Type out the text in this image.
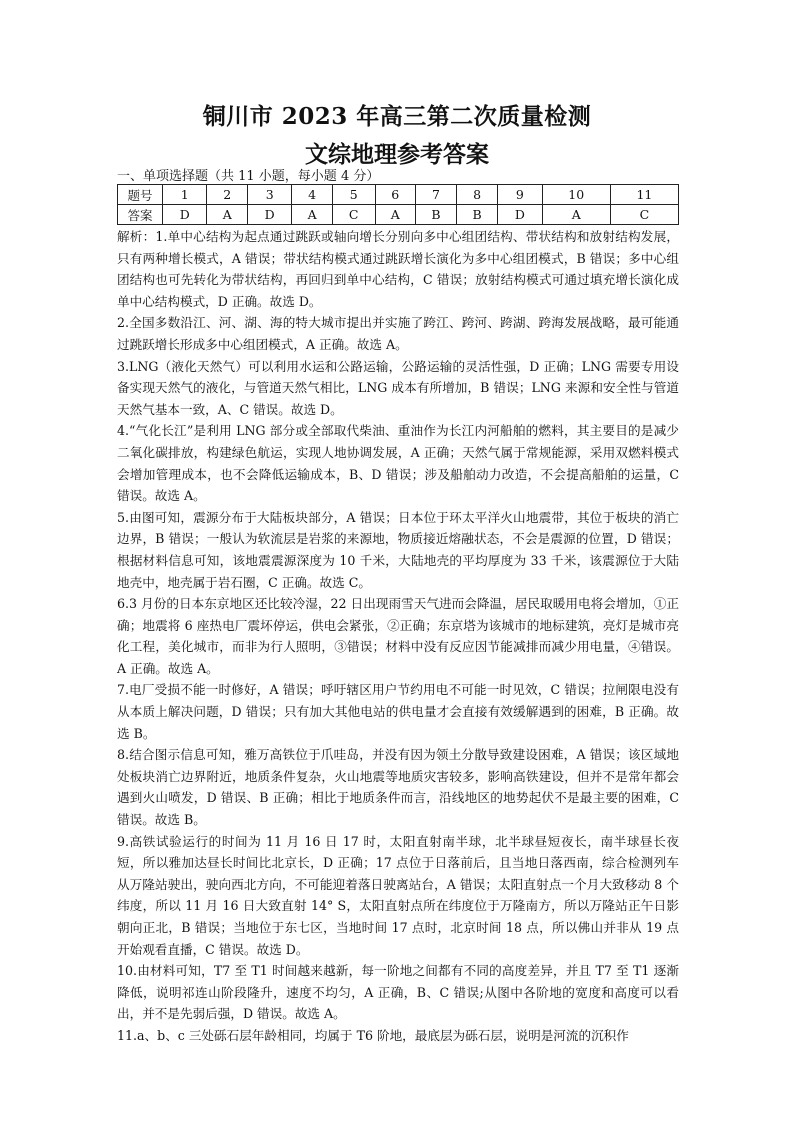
铜川市 2023 年高三第二次质量检测
文综地理参考答案
一、单项选择题（共 11 小题，每小题 4 分）
题号	1	2	3	4	5	6	7	8	9	10	11
答案	D	A	D	A	C	A	B	B	D	A	C

解析：1.单中心结构为起点通过跳跃或轴向增长分别向多中心组团结构、带状结构和放射结构发展，只有两种增长模式，A 错误；带状结构模式通过跳跃增长演化为多中心组团模式，B 错误；多中心组团结构也可先转化为带状结构，再回归到单中心结构，C 错误；放射结构模式可通过填充增长演化成单中心结构模式，D 正确。故选 D。

2.全国多数沿江、河、湖、海的特大城市提出并实施了跨江、跨河、跨湖、跨海发展战略，最可能通过跳跃增长形成多中心组团模式，A 正确。故选 A。

3.LNG（液化天然气）可以利用水运和公路运输，公路运输的灵活性强，D 正确；LNG 需要专用设备实现天然气的液化，与管道天然气相比，LNG 成本有所增加，B 错误；LNG 来源和安全性与管道天然气基本一致，A、C 错误。故选 D。

4.“气化长江”是利用 LNG 部分或全部取代柴油、重油作为长江内河船舶的燃料，其主要目的是减少二氧化碳排放，构建绿色航运，实现人地协调发展，A 正确；天然气属于常规能源，采用双燃料模式会增加管理成本，也不会降低运输成本，B、D 错误；涉及船舶动力改造，不会提高船舶的运量，C 错误。故选 A。

5.由图可知，震源分布于大陆板块部分，A 错误；日本位于环太平洋火山地震带，其位于板块的消亡边界，B 错误；一般认为软流层是岩浆的来源地，物质接近熔融状态，不会是震源的位置，D 错误；根据材料信息可知，该地震震源深度为 10 千米，大陆地壳的平均厚度为 33 千米，该震源位于大陆地壳中，地壳属于岩石圈，C 正确。故选 C。

6.3 月份的日本东京地区还比较冷湿，22 日出现雨雪天气进而会降温，居民取暖用电将会增加，①正确；地震将 6 座热电厂震坏停运，供电会紧张，②正确；东京塔为该城市的地标建筑，亮灯是城市亮化工程，美化城市，而非为行人照明，③错误；材料中没有反应因节能减排而减少用电量，④错误。A 正确。故选 A。

7.电厂受损不能一时修好，A 错误；呼吁辖区用户节约用电不可能一时见效，C 错误；拉闸限电没有从本质上解决问题，D 错误；只有加大其他电站的供电量才会直接有效缓解遇到的困难，B 正确。故选 B。

8.结合图示信息可知，雅万高铁位于爪哇岛，并没有因为领土分散导致建设困难，A 错误；该区域地处板块消亡边界附近，地质条件复杂，火山地震等地质灾害较多，影响高铁建设，但并不是常年都会遇到火山喷发，D 错误、B 正确；相比于地质条件而言，沿线地区的地势起伏不是最主要的困难，C 错误。故选 B。

9.高铁试验运行的时间为 11 月 16 日 17 时，太阳直射南半球，北半球昼短夜长，南半球昼长夜短，所以雅加达昼长时间比北京长，D 正确；17 点位于日落前后，且当地日落西南，综合检测列车从万隆站驶出，驶向西北方向，不可能迎着落日驶离站台，A 错误；太阳直射点一个月大致移动 8 个纬度，所以 11 月 16 日大致直射 14° S，太阳直射点所在纬度位于万隆南方，所以万隆站正午日影朝向正北，B 错误；当地位于东七区，当地时间 17 点时，北京时间 18 点，所以佛山并非从 19 点开始观看直播，C 错误。故选 D。

10.由材料可知，T7 至 T1 时间越来越新，每一阶地之间都有不同的高度差异，并且 T7 至 T1 逐渐降低，说明祁连山阶段隆升，速度不均匀，A 正确，B、C 错误;从图中各阶地的宽度和高度可以看出，并不是先弱后强，D 错误。故选 A。

11.a、b、c 三处砾石层年龄相同，均属于 T6 阶地，最底层为砾石层，说明是河流的沉积作
